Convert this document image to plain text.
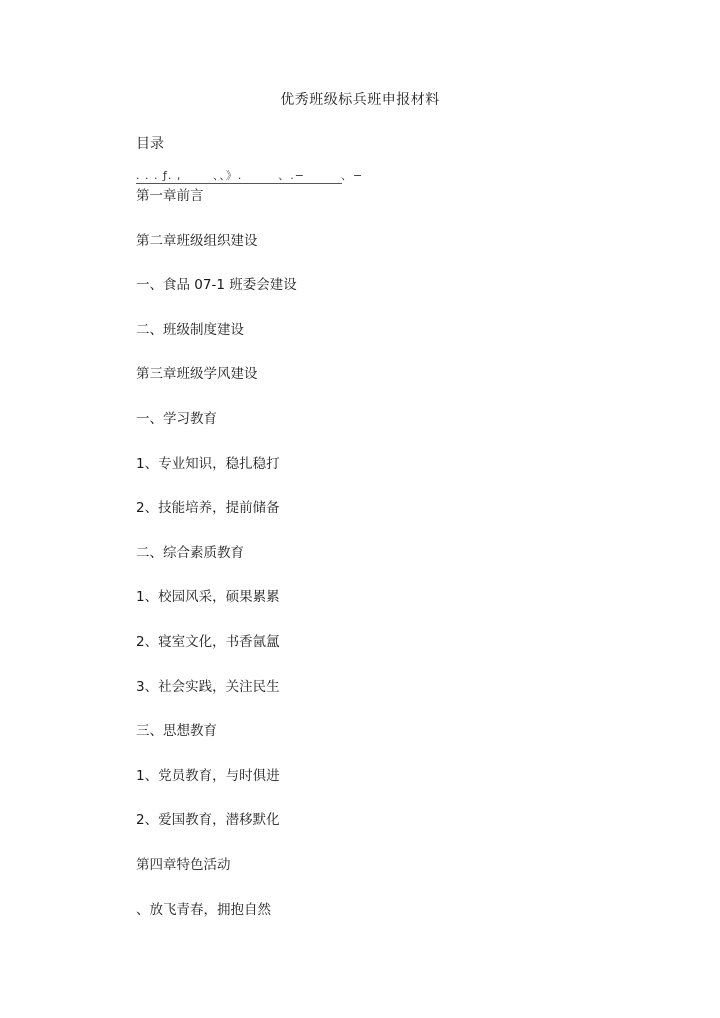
优秀班级标兵班申报材料
目录
. . . ƒ. ,       、、》.        、.−        、−
第一章前言
第二章班级组织建设
一、食品 07-1 班委会建设
二、班级制度建设
第三章班级学风建设
一、学习教育
1、专业知识，稳扎稳打
2、技能培养，提前储备
二、综合素质教育
1、校园风采，硕果累累
2、寝室文化，书香氤氲
3、社会实践，关注民生
三、思想教育
1、党员教育，与时俱进
2、爱国教育，潜移默化
第四章特色活动
、放飞青春，拥抱自然
